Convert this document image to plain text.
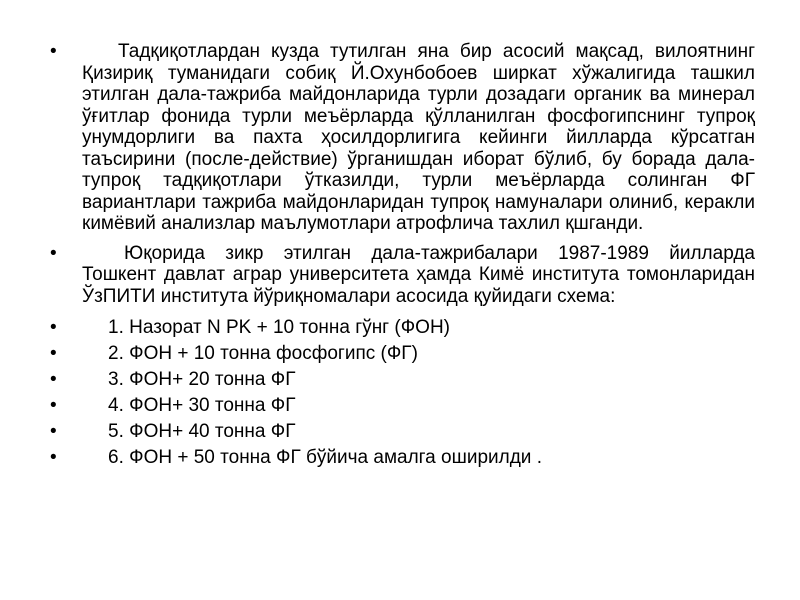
•	Тадқиқотлардан кузда тутилган яна бир асосий мақсад, вилоятнинг Қизириқ туманидаги собиқ Й.Охунбобоев ширкат хўжалигида ташкил этилган дала-тажриба майдонларида турли дозадаги органик ва минерал ўғитлар фонида турли меъёрларда қўлланилган фосфогипснинг тупроқ унумдорлиги ва пахта ҳосилдорлигига кейинги йилларда кўрсатган таъсирини (после-действие) ўрганишдан иборат бўлиб, бу борада дала-тупроқ тадқиқотлари ўтказилди, турли меъёрларда солинган ФГ вариантлари тажриба майдонларидан тупроқ намуналари олиниб, керакли кимёвий анализлар маълумотлари атрофлича тахлил қшганди.
•	Юқорида зикр этилган дала-тажрибалари 1987-1989 йилларда Тошкент давлат аграр университета ҳамда Кимё института томонларидан ЎзПИТИ института йўриқномалари асосида қуйидаги схема:
•	1. Назорат N PK + 10 тонна гўнг (ФОН)
•	2. ФОН + 10 тонна фосфогипс (ФГ)
•	3. ФОН+ 20 тонна ФГ
•	4. ФОН+ 30 тонна ФГ
•	5. ФОН+ 40 тонна ФГ
•	6. ФОН + 50 тонна ФГ бўйича амалга оширилди .
